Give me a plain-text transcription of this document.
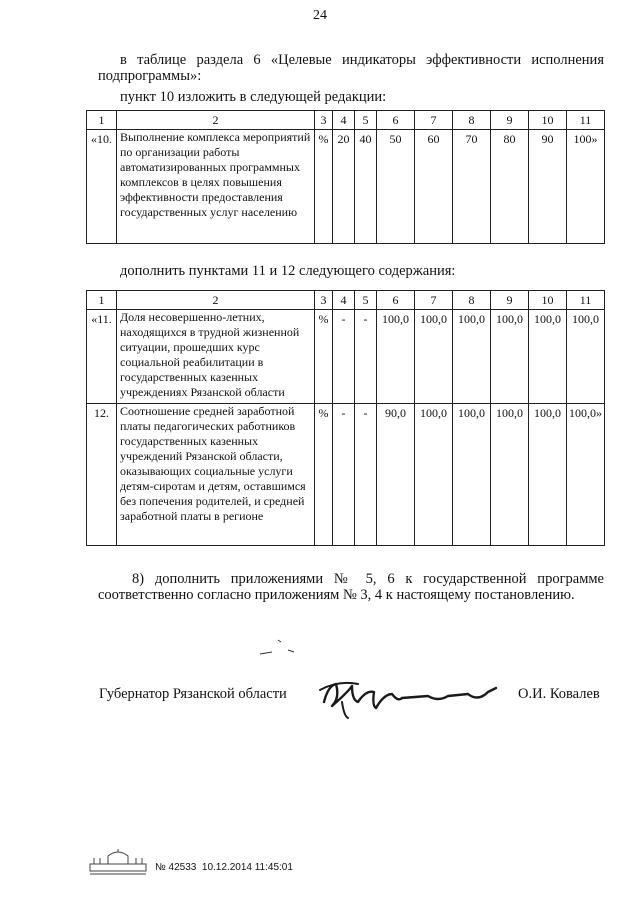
24
в таблице раздела 6 «Целевые индикаторы эффективности исполнения подпрограммы»:
пункт 10 изложить в следующей редакции:
1	2	3	4	5	6	7	8	9	10	11
«10.	Выполнение комплекса мероприятий по организации работы автоматизированных программных комплексов в целях повышения эффективности предоставления государственных услуг населению	%	20	40	50	60	70	80	90	100»
дополнить пунктами 11 и 12 следующего содержания:
1	2	3	4	5	6	7	8	9	10	11
«11.	Доля несовершенно-летних, находящихся в трудной жизненной ситуации, прошедших курс социальной реабилитации в государственных казенных учреждениях Рязанской области	%	-	-	100,0	100,0	100,0	100,0	100,0	100,0
12.	Соотношение средней заработной платы педагогических работников государственных казенных учреждений Рязанской области, оказывающих социальные услуги детям-сиротам и детям, оставшимся без попечения родителей, и средней заработной платы в регионе	%	-	-	90,0	100,0	100,0	100,0	100,0	100,0»
8) дополнить приложениями № 5, 6 к государственной программе соответственно согласно приложениям № 3, 4 к настоящему постановлению.
Губернатор Рязанской области	О.И. Ковалев
№ 42533 10.12.2014 11:45:01
